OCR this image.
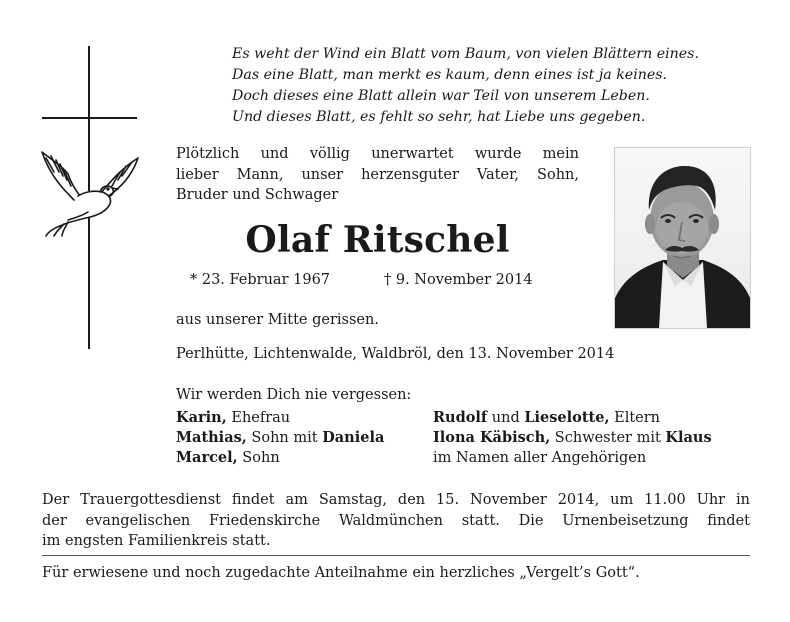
Es weht der Wind ein Blatt vom Baum, von vielen Blättern eines.
Das eine Blatt, man merkt es kaum, denn eines ist ja keines.
Doch dieses eine Blatt allein war Teil von unserem Leben.
Und dieses Blatt, es fehlt so sehr, hat Liebe uns gegeben.
Plötzlich und völlig unerwartet wurde mein
lieber Mann, unser herzensguter Vater, Sohn,
Bruder und Schwager
Olaf Ritschel
* 23. Februar 1967	† 9. November 2014
aus unserer Mitte gerissen.
Perlhütte, Lichtenwalde, Waldbröl, den 13. November 2014
Wir werden Dich nie vergessen:
Karin, Ehefrau
Mathias, Sohn mit Daniela
Marcel, Sohn
Rudolf und Lieselotte, Eltern
Ilona Käbisch, Schwester mit Klaus
im Namen aller Angehörigen
Der Trauergottesdienst findet am Samstag, den 15. November 2014, um 11.00 Uhr in
der evangelischen Friedenskirche Waldmünchen statt. Die Urnenbeisetzung findet
im engsten Familienkreis statt.
Für erwiesene und noch zugedachte Anteilnahme ein herzliches „Vergelt’s Gott“.
